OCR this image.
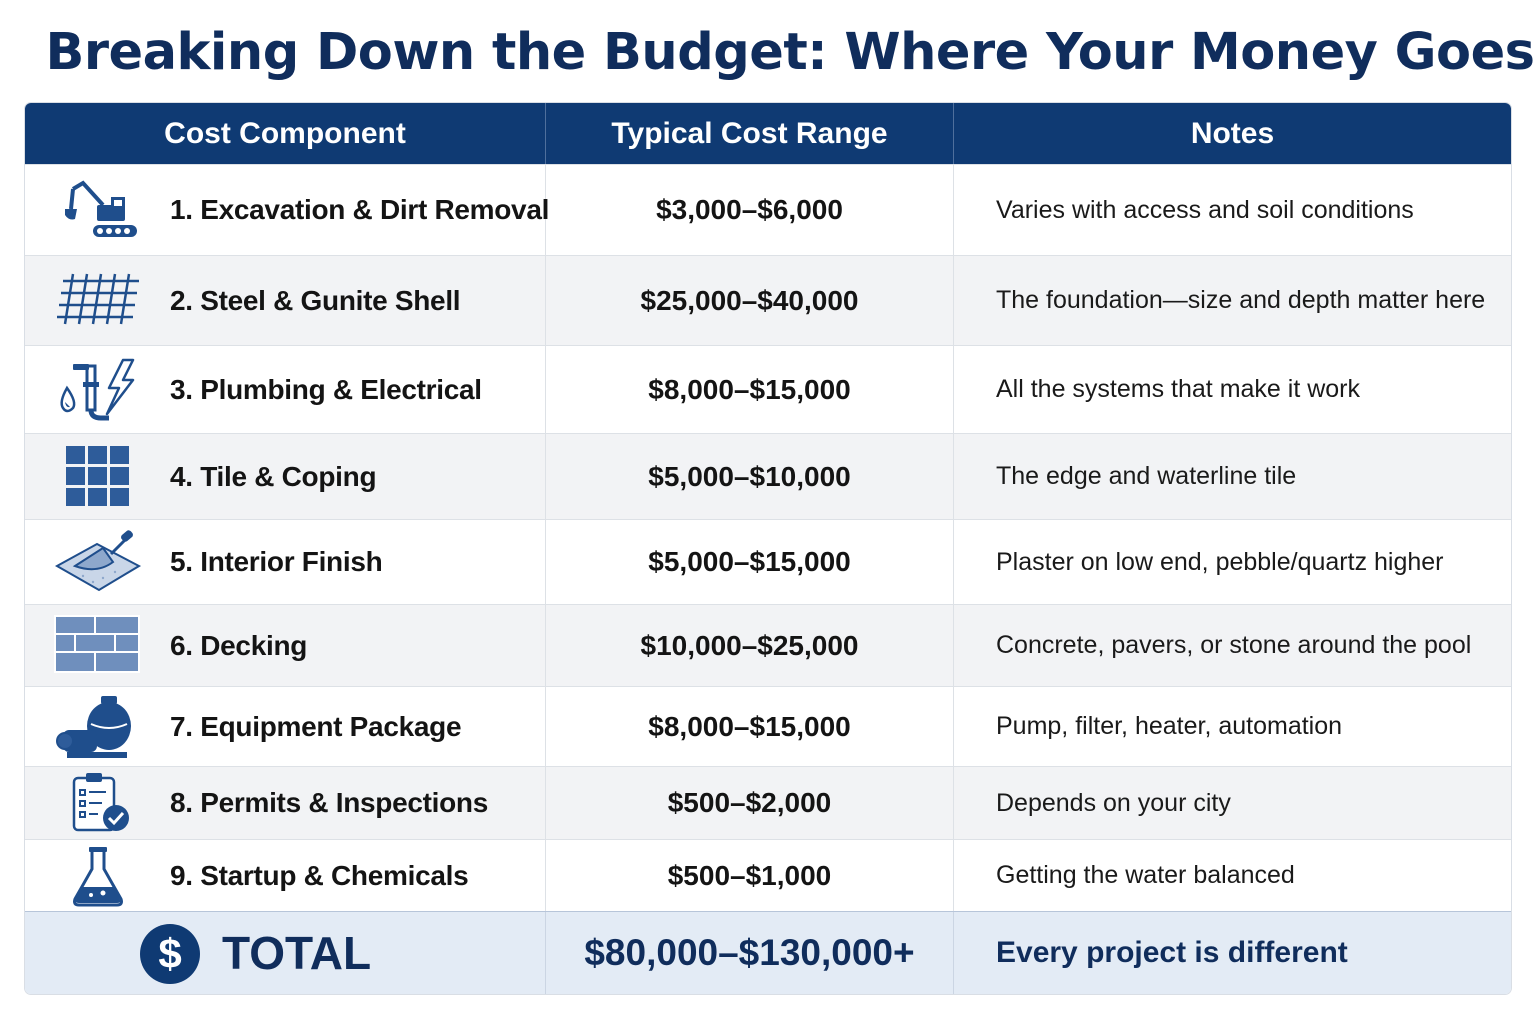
Breaking Down the Budget: Where Your Money Goes
Cost Component	Typical Cost Range	Notes
1. Excavation & Dirt Removal	$3,000–$6,000	Varies with access and soil conditions
2. Steel & Gunite Shell	$25,000–$40,000	The foundation—size and depth matter here
3. Plumbing & Electrical	$8,000–$15,000	All the systems that make it work
4. Tile & Coping	$5,000–$10,000	The edge and waterline tile
5. Interior Finish	$5,000–$15,000	Plaster on low end, pebble/quartz higher
6. Decking	$10,000–$25,000	Concrete, pavers, or stone around the pool
7. Equipment Package	$8,000–$15,000	Pump, filter, heater, automation
8. Permits & Inspections	$500–$2,000	Depends on your city
9. Startup & Chemicals	$500–$1,000	Getting the water balanced
$ TOTAL	$80,000–$130,000+	Every project is different
